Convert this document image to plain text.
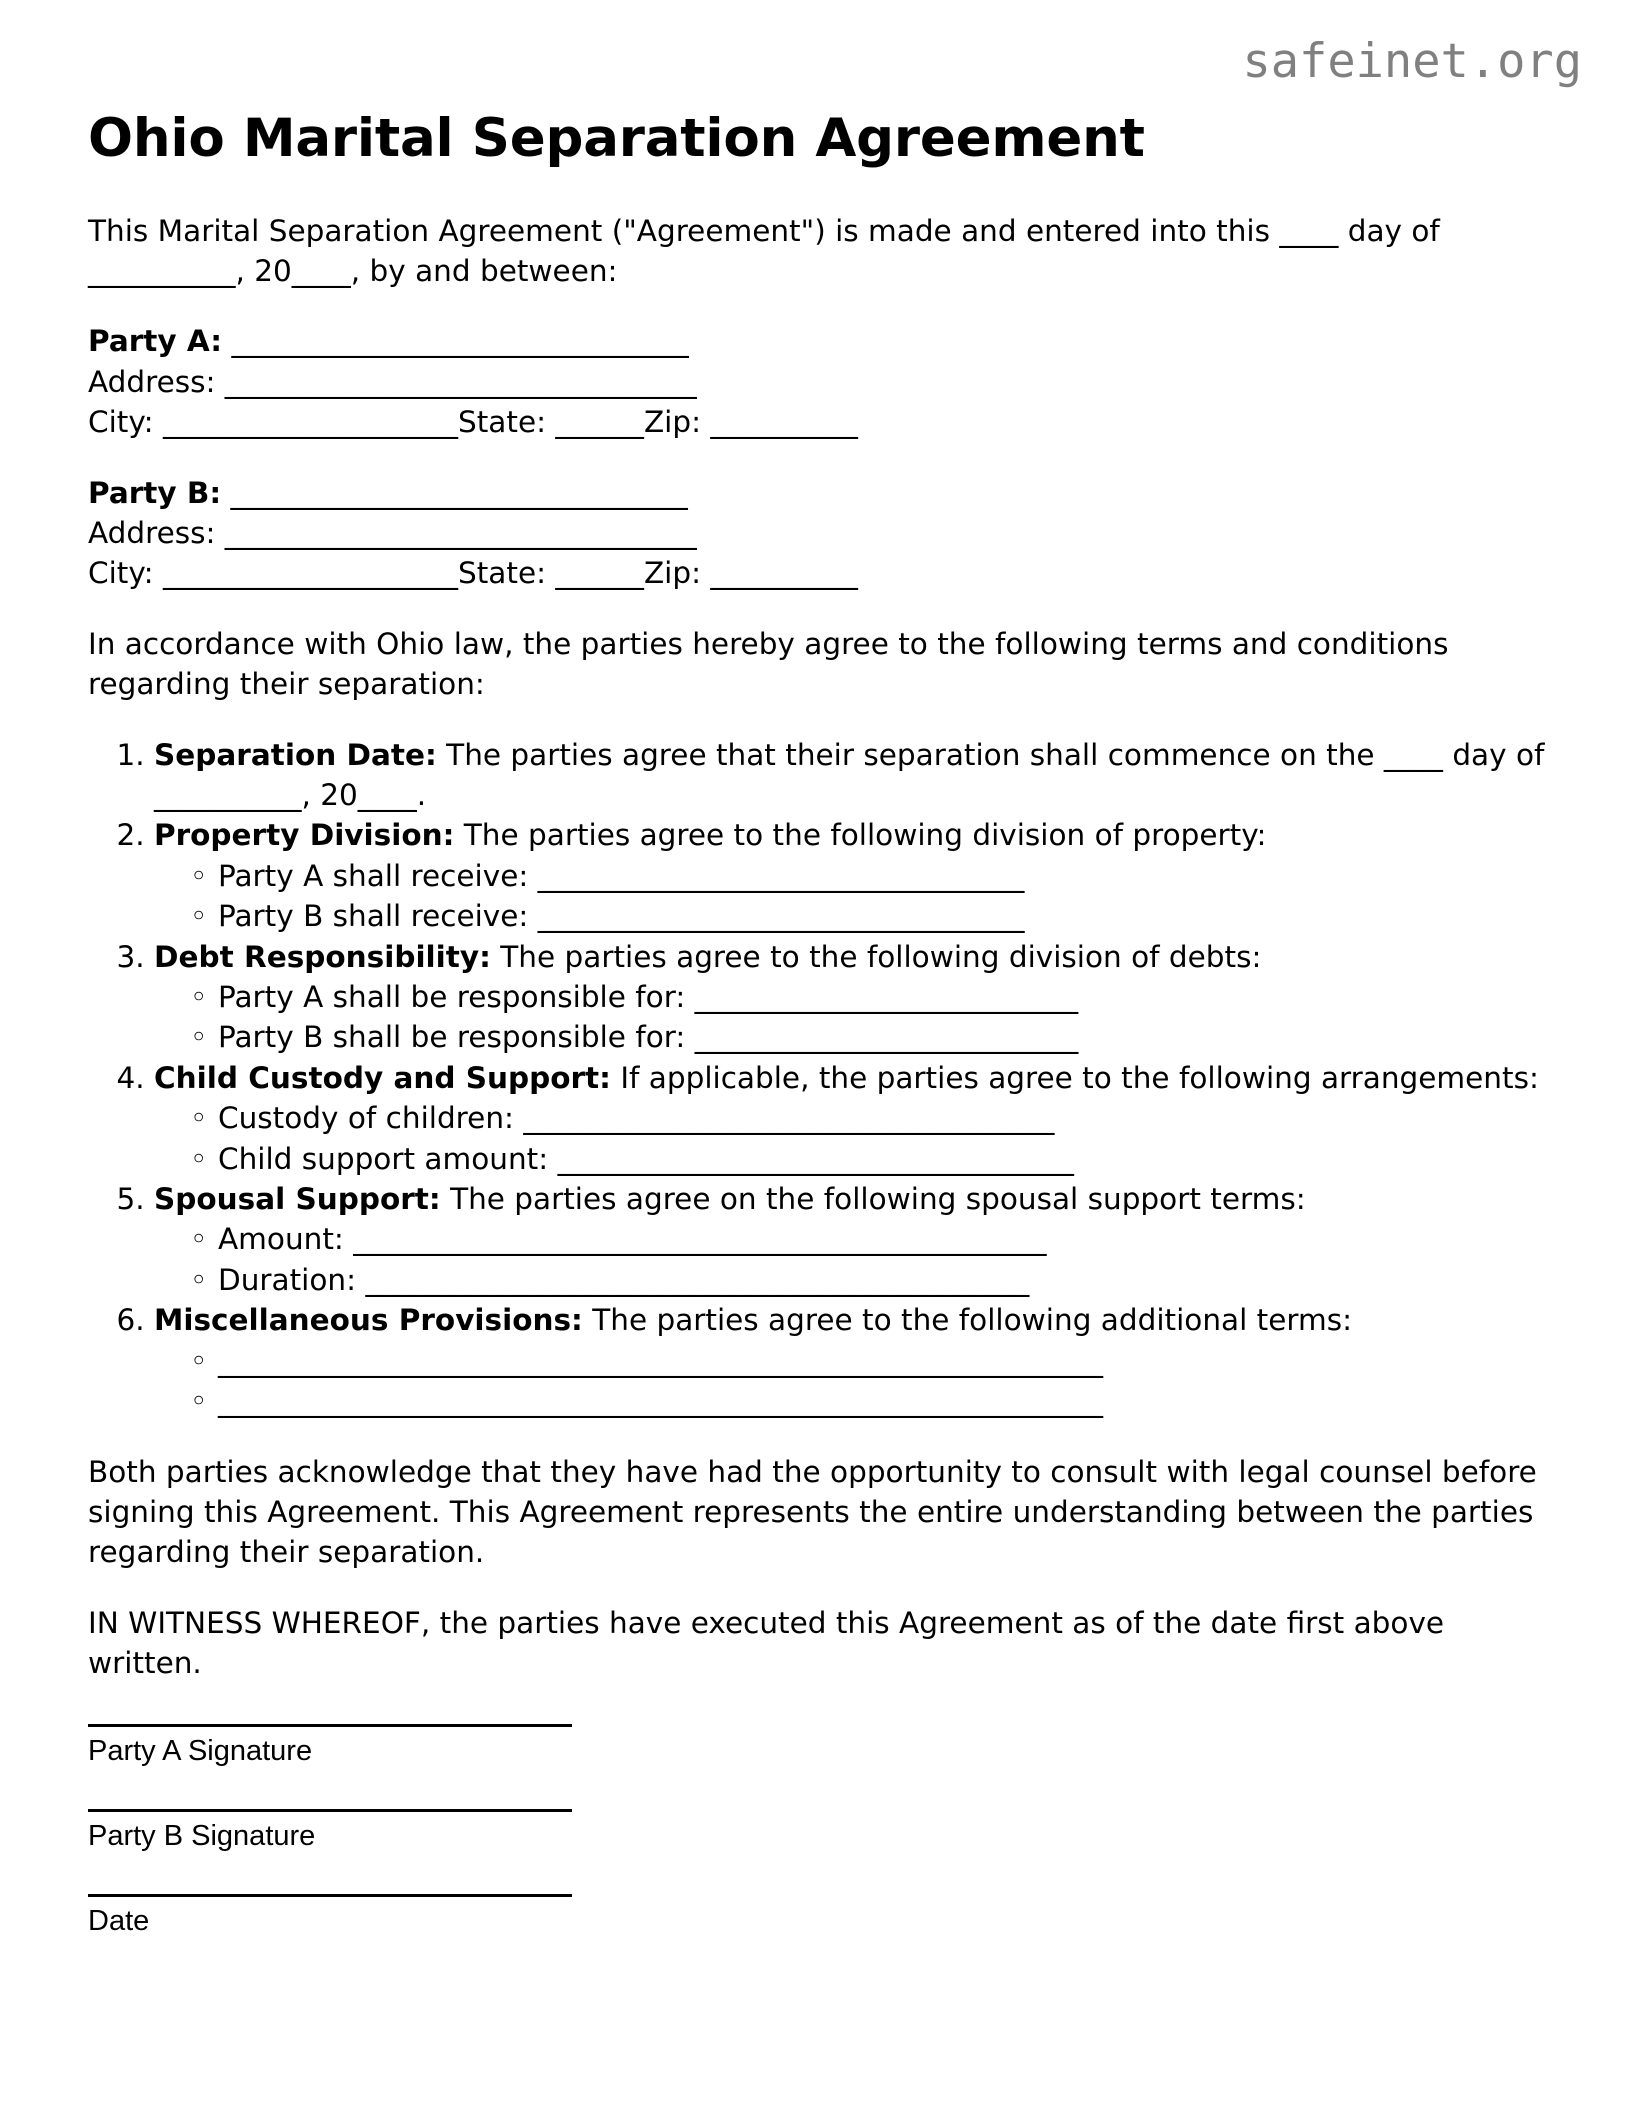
safeinet.org
Ohio Marital Separation Agreement

This Marital Separation Agreement ("Agreement") is made and entered into this ____ day of __________, 20____, by and between:

Party A: _______________________________
Address: ________________________________
City: ____________________State: ______Zip: __________
Party B: _______________________________
Address: ________________________________
City: ____________________State: ______Zip: __________

In accordance with Ohio law, the parties hereby agree to the following terms and conditions regarding their separation:

1. Separation Date: The parties agree that their separation shall commence on the ____ day of __________, 20____.
2. Property Division: The parties agree to the following division of property:
◦ Party A shall receive: _________________________________
◦ Party B shall receive: _________________________________
3. Debt Responsibility: The parties agree to the following division of debts:
◦ Party A shall be responsible for: __________________________
◦ Party B shall be responsible for: __________________________
4. Child Custody and Support: If applicable, the parties agree to the following arrangements:
◦ Custody of children: ____________________________________
◦ Child support amount: ___________________________________
5. Spousal Support: The parties agree on the following spousal support terms:
◦ Amount: _______________________________________________
◦ Duration: _____________________________________________
6. Miscellaneous Provisions: The parties agree to the following additional terms:
◦ ____________________________________________________________
◦ ____________________________________________________________

Both parties acknowledge that they have had the opportunity to consult with legal counsel before signing this Agreement. This Agreement represents the entire understanding between the parties regarding their separation.

IN WITNESS WHEREOF, the parties have executed this Agreement as of the date first above written.

Party A Signature
Party B Signature
Date
